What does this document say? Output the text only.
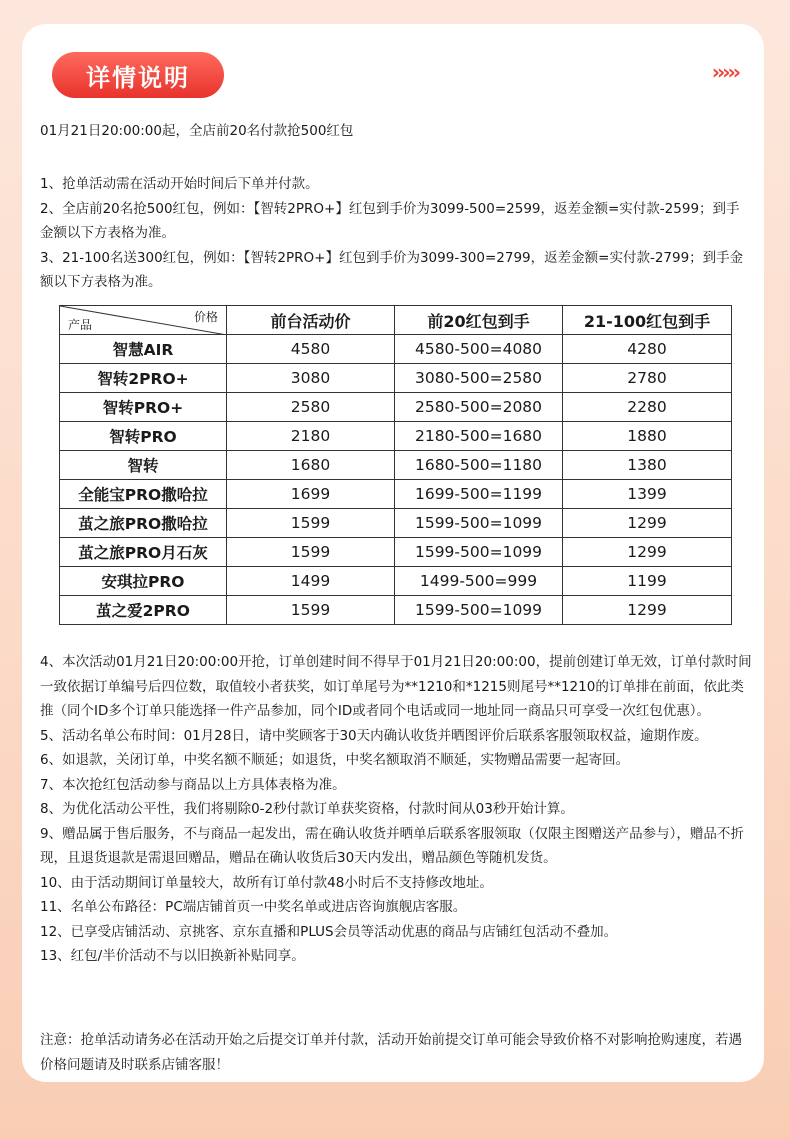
详情说明	›››››
01月21日20:00:00起，全店前20名付款抢500红包

1、抢单活动需在活动开始时间后下单并付款。

2、全店前20名抢500红包，例如：【智转2PRO+】红包到手价为3099-500=2599，返差金额=实付款-2599；到手金额以下方表格为准。

3、21-100名送300红包，例如：【智转2PRO+】红包到手价为3099-300=2799，返差金额=实付款-2799；到手金额以下方表格为准。

价格
产品	前台活动价	前20红包到手	21-100红包到手
智慧AIR	4580	4580-500=4080	4280
智转2PRO+	3080	3080-500=2580	2780
智转PRO+	2580	2580-500=2080	2280
智转PRO	2180	2180-500=1680	1880
智转	1680	1680-500=1180	1380
全能宝PRO撒哈拉	1699	1699-500=1199	1399
茧之旅PRO撒哈拉	1599	1599-500=1099	1299
茧之旅PRO月石灰	1599	1599-500=1099	1299
安琪拉PRO	1499	1499-500=999	1199
茧之爱2PRO	1599	1599-500=1099	1299

4、本次活动01月21日20:00:00开抢，订单创建时间不得早于01月21日20:00:00，提前创建订单无效，订单付款时间一致依据订单编号后四位数，取值较小者获奖，如订单尾号为**1210和*1215则尾号**1210的订单排在前面，依此类推（同个ID多个订单只能选择一件产品参加，同个ID或者同个电话或同一地址同一商品只可享受一次红包优惠）。

5、活动名单公布时间：01月28日，请中奖顾客于30天内确认收货并晒图评价后联系客服领取权益，逾期作废。

6、如退款，关闭订单，中奖名额不顺延；如退货，中奖名额取消不顺延，实物赠品需要一起寄回。

7、本次抢红包活动参与商品以上方具体表格为准。

8、为优化活动公平性，我们将剔除0-2秒付款订单获奖资格，付款时间从03秒开始计算。

9、赠品属于售后服务，不与商品一起发出，需在确认收货并晒单后联系客服领取（仅限主图赠送产品参与），赠品不折现，且退货退款是需退回赠品，赠品在确认收货后30天内发出，赠品颜色等随机发货。

10、由于活动期间订单量较大，故所有订单付款48小时后不支持修改地址。

11、名单公布路径：PC端店铺首页一中奖名单或进店咨询旗舰店客服。

12、已享受店铺活动、京挑客、京东直播和PLUS会员等活动优惠的商品与店铺红包活动不叠加。

13、红包/半价活动不与以旧换新补贴同享。

注意：抢单活动请务必在活动开始之后提交订单并付款，活动开始前提交订单可能会导致价格不对影响抢购速度，若遇价格问题请及时联系店铺客服！
